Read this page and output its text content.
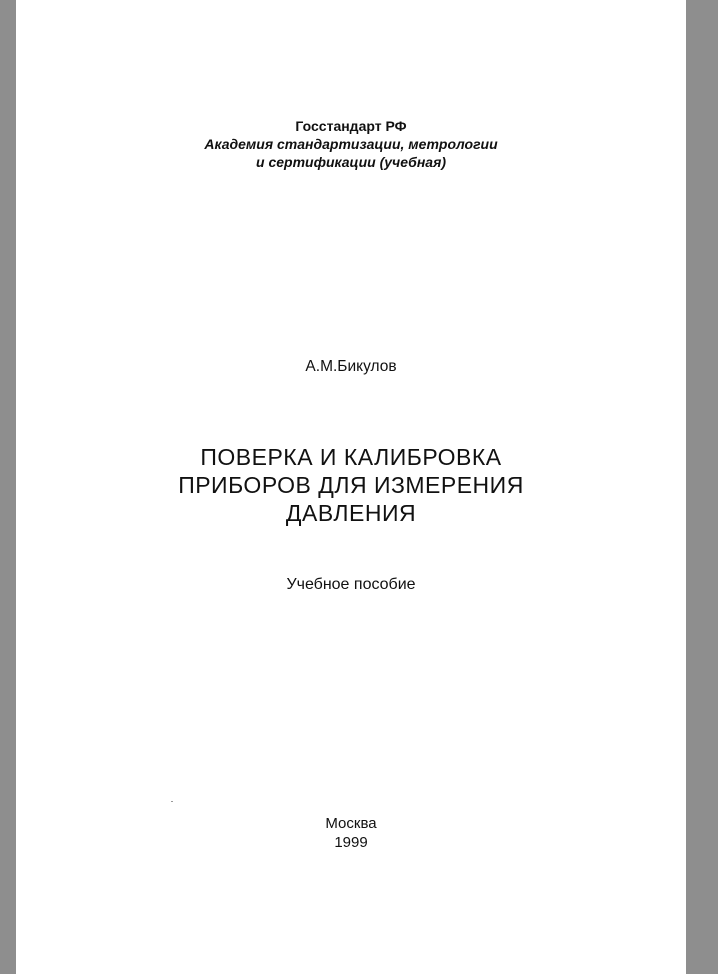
Госстандарт РФ
Академия стандартизации, метрологии
и сертификации (учебная)
А.М.Бикулов
ПОВЕРКА И КАЛИБРОВКА
ПРИБОРОВ ДЛЯ ИЗМЕРЕНИЯ
ДАВЛЕНИЯ
Учебное пособие
Москва
1999
